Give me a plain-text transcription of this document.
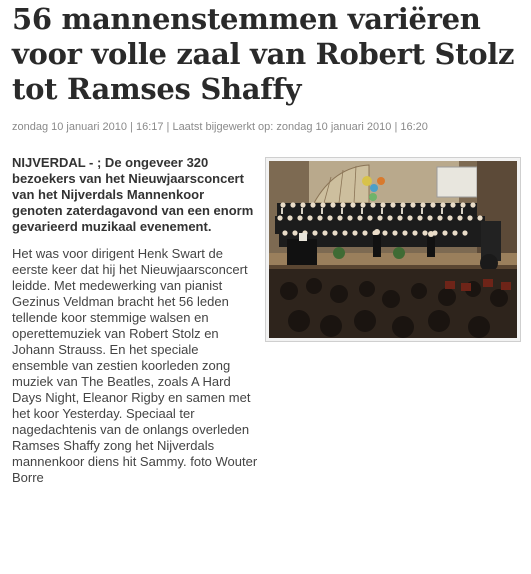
56 mannenstemmen variëren voor volle zaal van Robert Stolz tot Ramses Shaffy
zondag 10 januari 2010 | 16:17 | Laatst bijgewerkt op: zondag 10 januari 2010 | 16:20

NIJVERDAL - ; De ongeveer 320 bezoekers van het Nieuwjaarsconcert van het Nijverdals Mannenkoor genoten zaterdagavond van een enorm gevarieerd muzikaal evenement.

Het was voor dirigent Henk Swart de eerste keer dat hij het Nieuwjaarsconcert leidde. Met medewerking van pianist Gezinus Veldman bracht het 56 leden tellende koor stemmige walsen en operettemuziek van Robert Stolz en Johann Strauss. En het speciale ensemble van zestien koorleden zong muziek van The Beatles, zoals A Hard Days Night, Eleanor Rigby en samen met het koor Yesterday. Speciaal ter nagedachtenis van de onlangs overleden Ramses Shaffy zong het Nijverdals mannenkoor diens hit Sammy. foto Wouter Borre
